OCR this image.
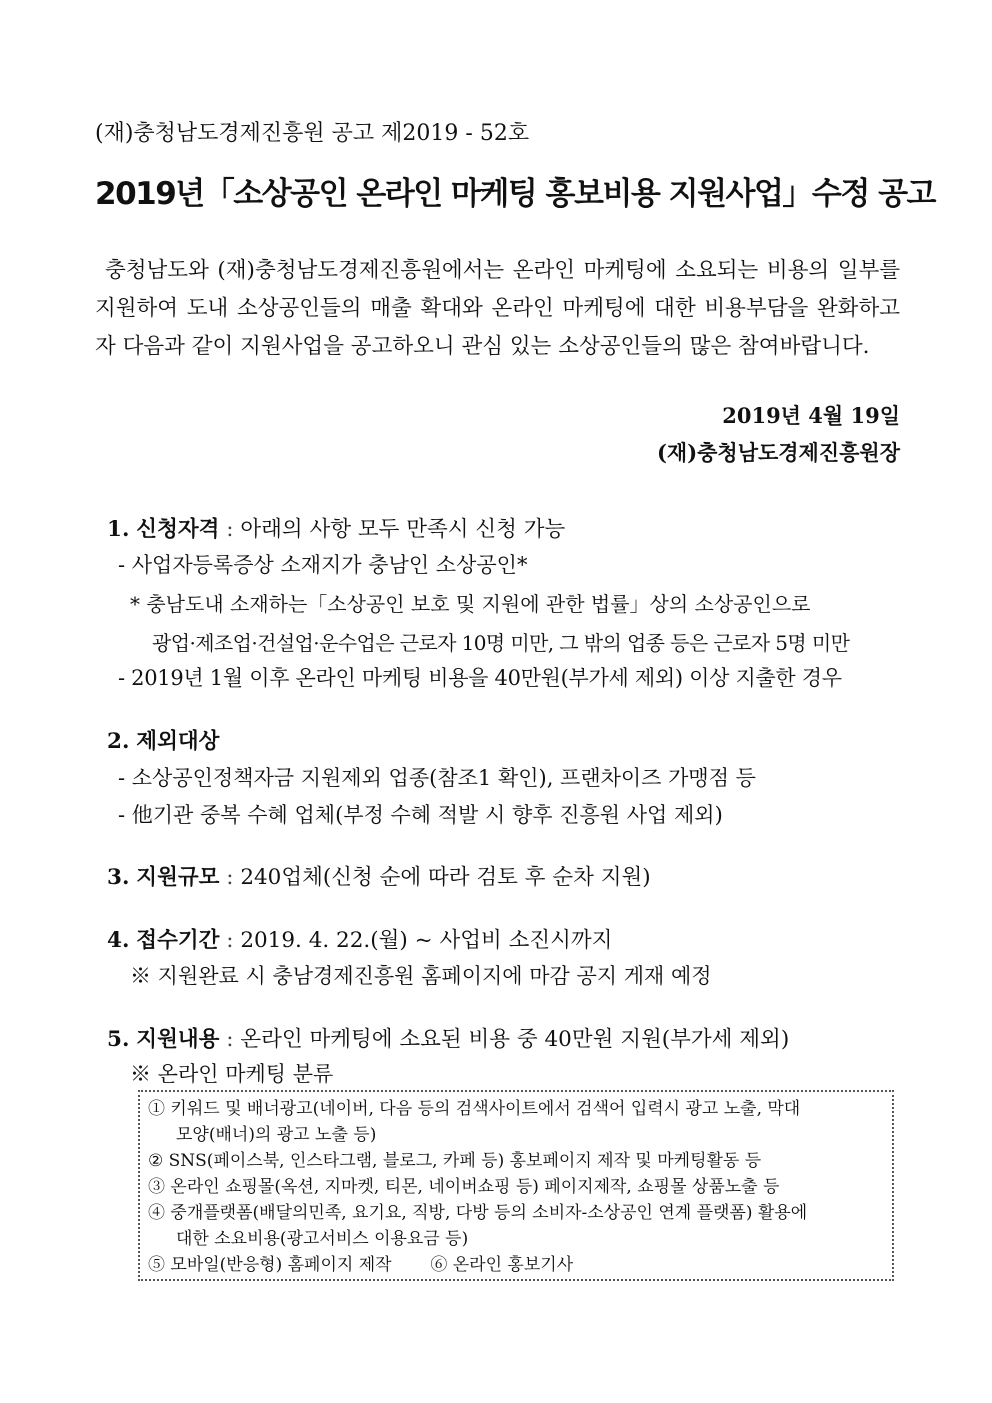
(재)충청남도경제진흥원 공고 제2019 - 52호
2019년「소상공인 온라인 마케팅 홍보비용 지원사업」수정 공고
충청남도와 (재)충청남도경제진흥원에서는 온라인 마케팅에 소요되는 비용의 일부를 지원하여 도내 소상공인들의 매출 확대와 온라인 마케팅에 대한 비용부담을 완화하고자 다음과 같이 지원사업을 공고하오니 관심 있는 소상공인들의 많은 참여바랍니다.
2019년 4월 19일
(재)충청남도경제진흥원장
1. 신청자격 : 아래의 사항 모두 만족시 신청 가능
- 사업자등록증상 소재지가 충남인 소상공인*
* 충남도내 소재하는「소상공인 보호 및 지원에 관한 법률」상의 소상공인으로
광업·제조업·건설업·운수업은 근로자 10명 미만, 그 밖의 업종 등은 근로자 5명 미만
- 2019년 1월 이후 온라인 마케팅 비용을 40만원(부가세 제외) 이상 지출한 경우
2. 제외대상
- 소상공인정책자금 지원제외 업종(참조1 확인), 프랜차이즈 가맹점 등
- 他기관 중복 수혜 업체(부정 수혜 적발 시 향후 진흥원 사업 제외)
3. 지원규모 : 240업체(신청 순에 따라 검토 후 순차 지원)
4. 접수기간 : 2019. 4. 22.(월) ~ 사업비 소진시까지
※ 지원완료 시 충남경제진흥원 홈페이지에 마감 공지 게재 예정
5. 지원내용 : 온라인 마케팅에 소요된 비용 중 40만원 지원(부가세 제외)
※ 온라인 마케팅 분류
① 키워드 및 배너광고(네이버, 다음 등의 검색사이트에서 검색어 입력시 광고 노출, 막대
모양(배너)의 광고 노출 등)
② SNS(페이스북, 인스타그램, 블로그, 카페 등) 홍보페이지 제작 및 마케팅활동 등
③ 온라인 쇼핑몰(옥션, 지마켓, 티몬, 네이버쇼핑 등) 페이지제작, 쇼핑몰 상품노출 등
④ 중개플랫폼(배달의민족, 요기요, 직방, 다방 등의 소비자-소상공인 연계 플랫폼) 활용에
대한 소요비용(광고서비스 이용요금 등)
⑤ 모바일(반응형) 홈페이지 제작 ⑥ 온라인 홍보기사
